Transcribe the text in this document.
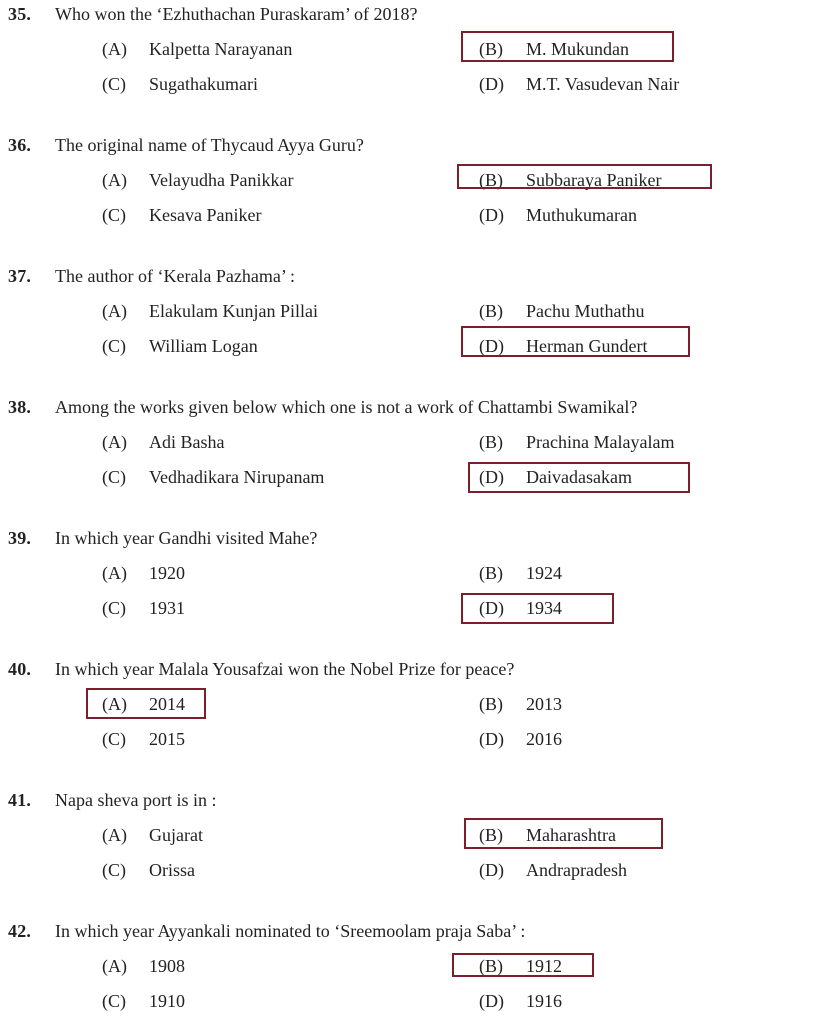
35. Who won the ‘Ezhuthachan Puraskaram’ of 2018?
(A) Kalpetta Narayanan	(B) M. Mukundan
(C) Sugathakumari	(D) M.T. Vasudevan Nair
36. The original name of Thycaud Ayya Guru?
(A) Velayudha Panikkar	(B) Subbaraya Paniker
(C) Kesava Paniker	(D) Muthukumaran
37. The author of ‘Kerala Pazhama’ :
(A) Elakulam Kunjan Pillai	(B) Pachu Muthathu
(C) William Logan	(D) Herman Gundert
38. Among the works given below which one is not a work of Chattambi Swamikal?
(A) Adi Basha	(B) Prachina Malayalam
(C) Vedhadikara Nirupanam	(D) Daivadasakam
39. In which year Gandhi visited Mahe?
(A) 1920	(B) 1924
(C) 1931	(D) 1934
40. In which year Malala Yousafzai won the Nobel Prize for peace?
(A) 2014	(B) 2013
(C) 2015	(D) 2016
41. Napa sheva port is in :
(A) Gujarat	(B) Maharashtra
(C) Orissa	(D) Andrapradesh
42. In which year Ayyankali nominated to ‘Sreemoolam praja Saba’ :
(A) 1908	(B) 1912
(C) 1910	(D) 1916
